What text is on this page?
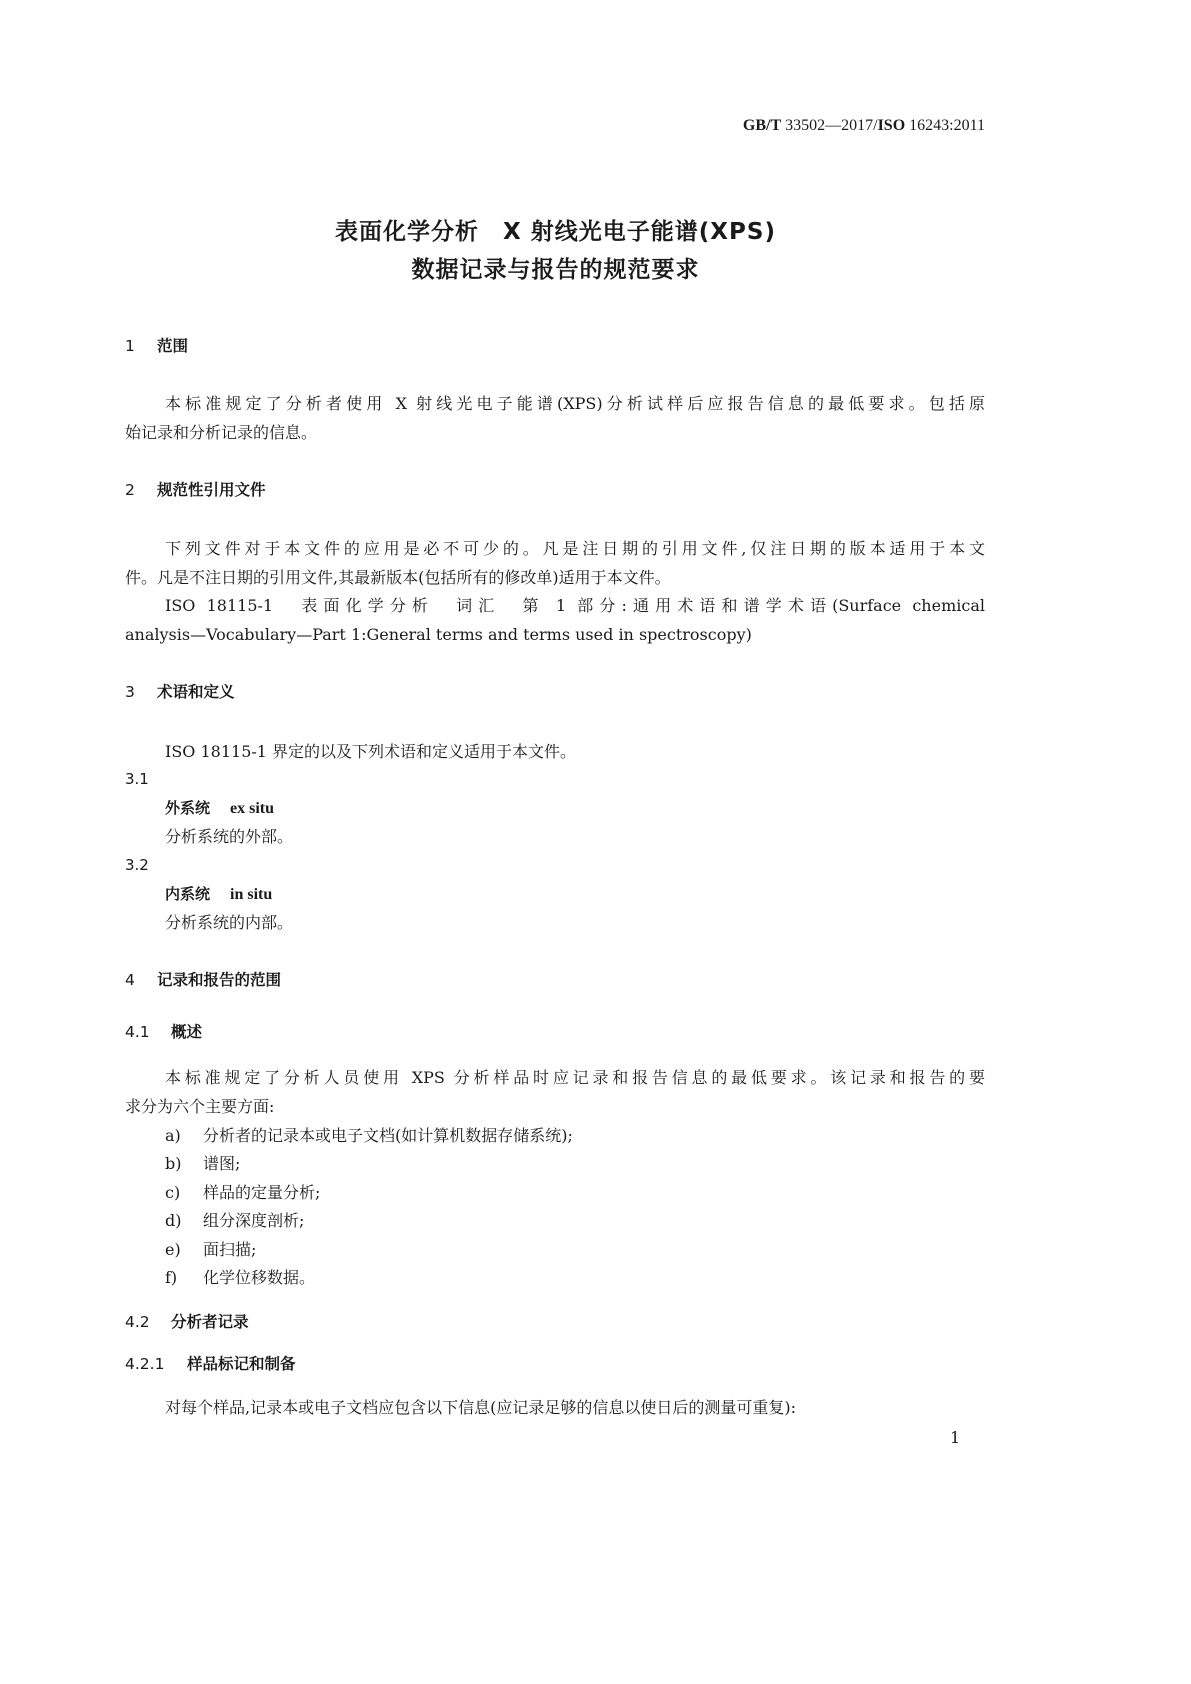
GB/T 33502—2017/ISO 16243:2011
表面化学分析　X 射线光电子能谱(XPS)
数据记录与报告的规范要求
1 范围
本标准规定了分析者使用 X 射线光电子能谱(XPS)分析试样后应报告信息的最低要求。包括原
始记录和分析记录的信息。
2 规范性引用文件
下列文件对于本文件的应用是必不可少的。凡是注日期的引用文件,仅注日期的版本适用于本文
件。凡是不注日期的引用文件,其最新版本(包括所有的修改单)适用于本文件。
ISO 18115-1　表面化学分析　词汇　第 1 部分:通用术语和谱学术语(Surface chemical
analysis—Vocabulary—Part 1:General terms and terms used in spectroscopy)
3 术语和定义
ISO 18115-1 界定的以及下列术语和定义适用于本文件。
3.1
外系统 ex situ
分析系统的外部。
3.2
内系统 in situ
分析系统的内部。
4 记录和报告的范围
4.1 概述
本标准规定了分析人员使用 XPS 分析样品时应记录和报告信息的最低要求。该记录和报告的要
求分为六个主要方面:
a) 分析者的记录本或电子文档(如计算机数据存储系统);
b) 谱图;
c) 样品的定量分析;
d) 组分深度剖析;
e) 面扫描;
f) 化学位移数据。
4.2 分析者记录
4.2.1 样品标记和制备
对每个样品,记录本或电子文档应包含以下信息(应记录足够的信息以使日后的测量可重复):
1
